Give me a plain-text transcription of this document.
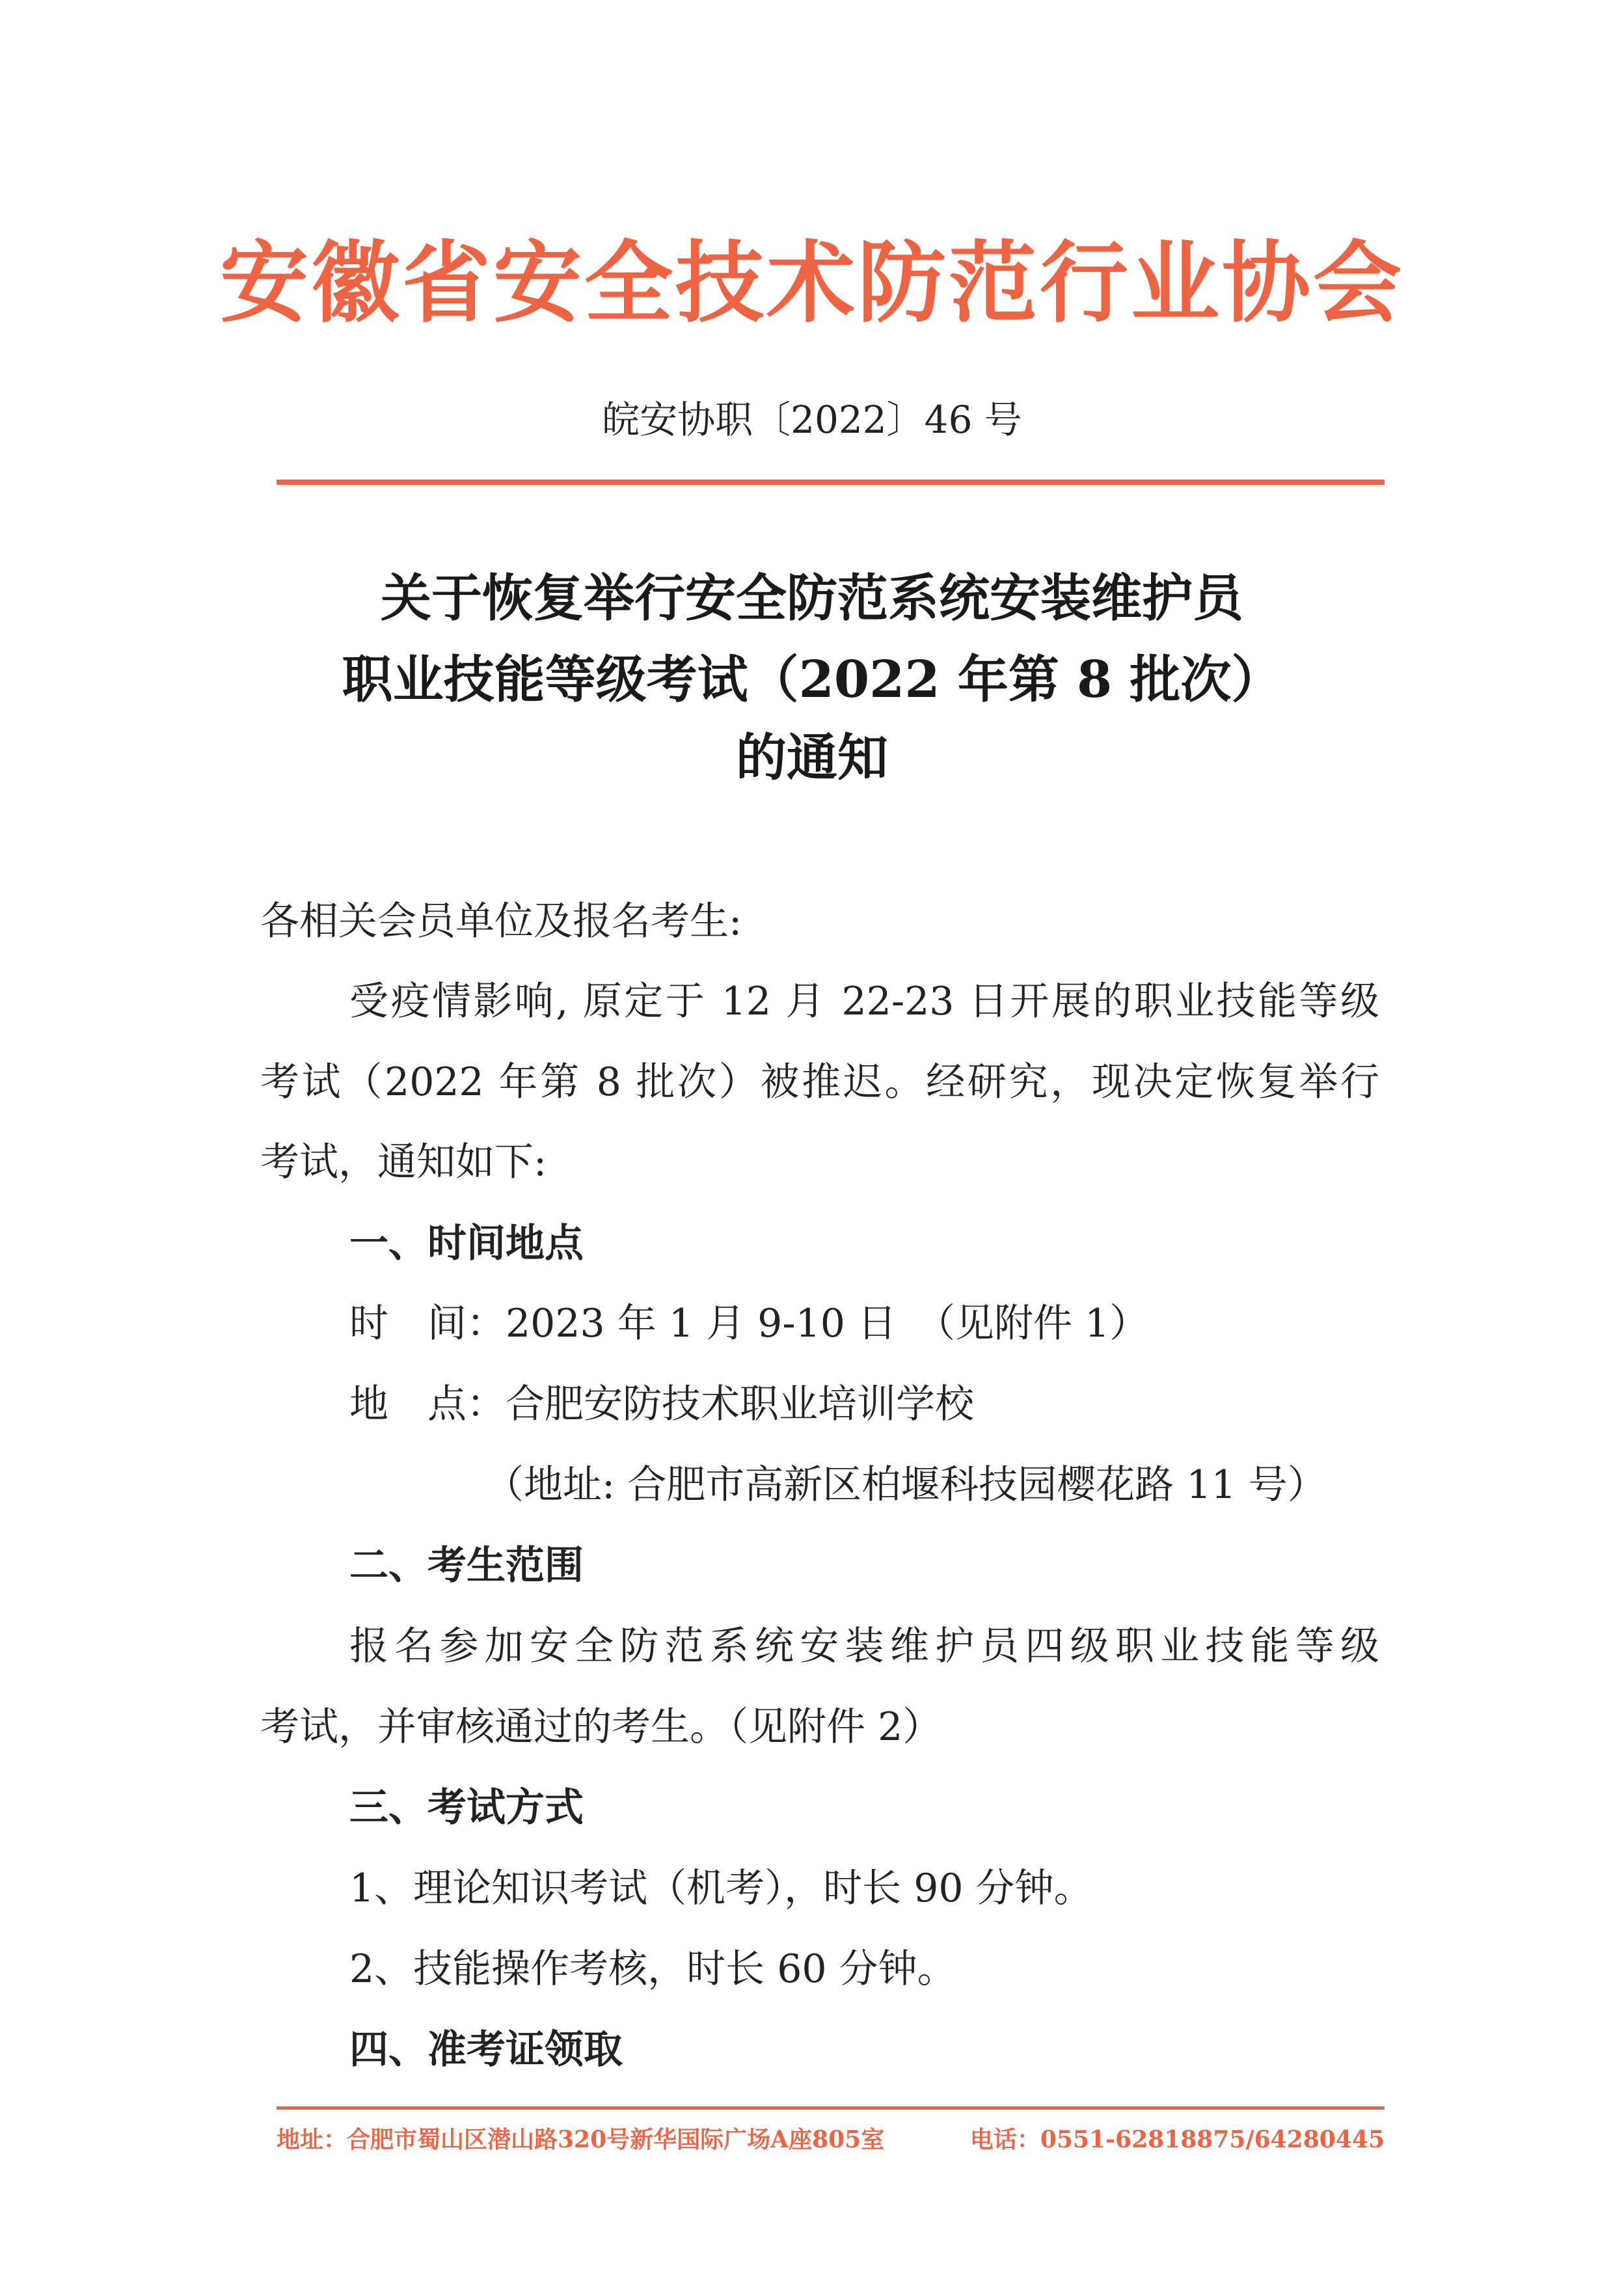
安徽省安全技术防范行业协会
皖安协职〔2022〕46 号
关于恢复举行安全防范系统安装维护员
职业技能等级考试（2022 年第 8 批次）
的通知
各相关会员单位及报名考生:
受疫情影响, 原定于 12 月 22-23 日开展的职业技能等级
考试（2022 年第 8 批次）被推迟。经研究，现决定恢复举行
考试，通知如下:
一、时间地点
时　间：2023 年 1 月 9-10 日　（见附件 1）
地　点：合肥安防技术职业培训学校
（地址: 合肥市高新区柏堰科技园樱花路 11 号）
二、考生范围
报名参加安全防范系统安装维护员四级职业技能等级
考试，并审核通过的考生。（见附件 2）
三、考试方式
1、理论知识考试（机考），时长 90 分钟。
2、技能操作考核，时长 60 分钟。
四、准考证领取
地址：合肥市蜀山区潜山路320号新华国际广场A座805室	电话：0551-62818875/64280445
